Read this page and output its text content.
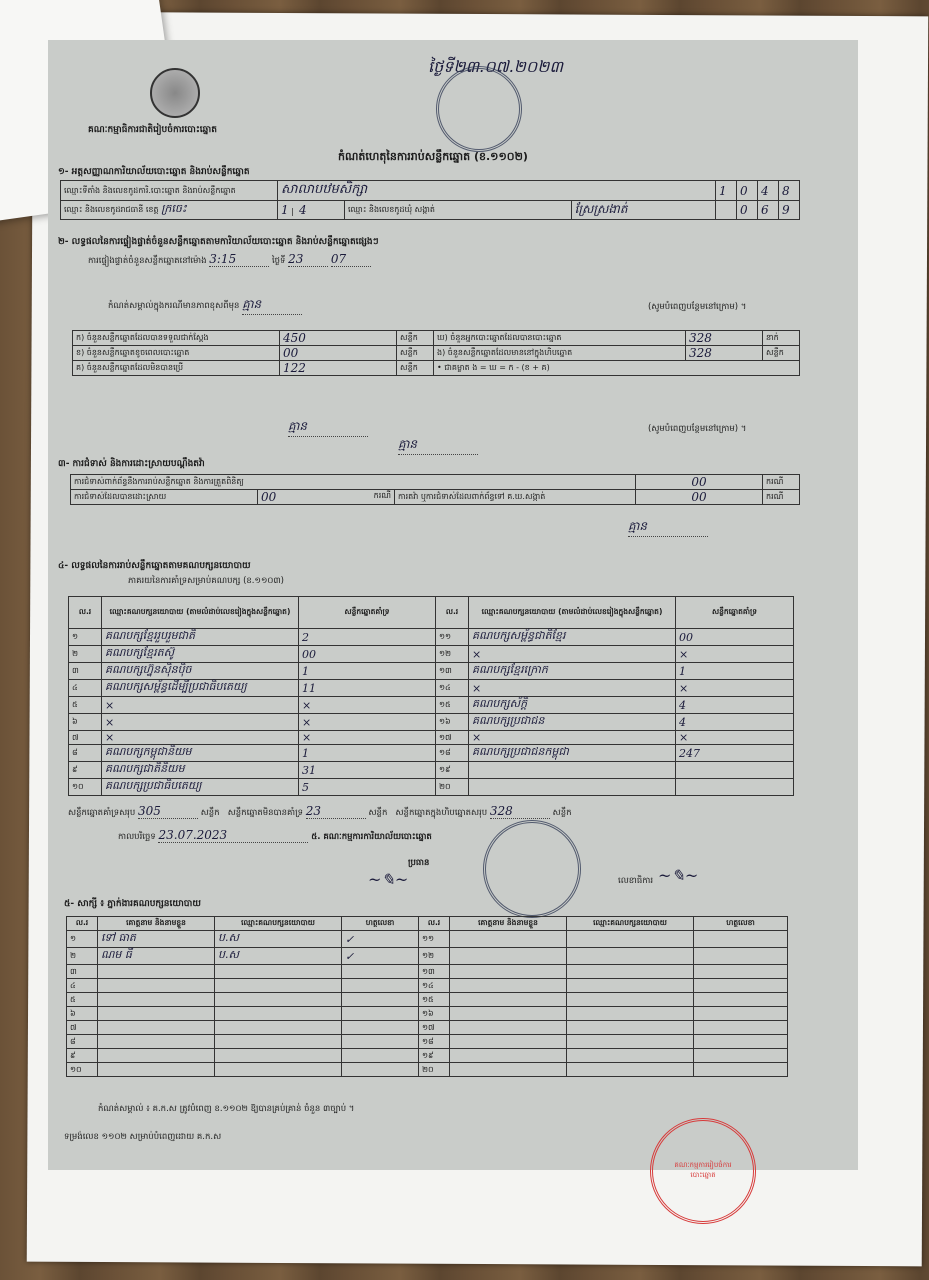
គណៈកម្មាធិការជាតិរៀបចំការបោះឆ្នោត
ថ្ងៃទី២៣.០៧.២០២៣
កំណត់ហេតុនៃការរាប់សន្លឹកឆ្នោត (ខ.១១០២)
១- អត្តសញ្ញាណការិយាល័យបោះឆ្នោត និងរាប់សន្លឹកឆ្នោត
ឈ្មោះទីតាំង និងលេខកូដការិ.បោះឆ្នោត និងរាប់សន្លឹកឆ្នោត	សាលាបឋមសិក្សា			1	0	4	8
ឈ្មោះ និងលេខកូដរាជធានី ខេត្ត ក្រចេះ	1 |  4	ឈ្មោះ និងលេខកូដឃុំ សង្កាត់	ស្រែស្រងាត់		0	6	9
២- លទ្ធផលនៃការផ្ទៀងផ្ទាត់ចំនួនសន្លឹកឆ្នោតតាមការិយាល័យបោះឆ្នោត និងរាប់សន្លឹកឆ្នោតផ្សេងៗ
ការផ្ទៀងផ្ទាត់ចំនួនសន្លឹកឆ្នោតនៅម៉ោង 3:15	ថ្ងៃទី 23 07
កំណត់សម្គាល់ក្នុងករណីមានភាពខុសពីមុន គ្មាន	(សូមបំពេញបន្ថែមនៅក្រោម) ។
ក) ចំនួនសន្លឹកឆ្នោតដែលបានទទួលជាក់ស្តែង	450	សន្លឹក	ឃ) ចំនួនអ្នកបោះឆ្នោតដែលបានបោះឆ្នោត	328	នាក់
ខ) ចំនួនសន្លឹកឆ្នោតខូចពេលបោះឆ្នោត	00	សន្លឹក	ង) ចំនួនសន្លឹកឆ្នោតដែលមាននៅក្នុងហិបឆ្នោត	328	សន្លឹក
គ) ចំនួនសន្លឹកឆ្នោតដែលមិនបានប្រើ	122	សន្លឹក	• ជាគម្លាត ង = ឃ = ក - (ខ + គ)		
គ្មាន	(សូមបំពេញបន្ថែមនៅក្រោម) ។
គ្មាន
៣- ការជំទាស់ និងការដោះស្រាយបណ្តឹងតវ៉ា
ការជំទាស់ពាក់ព័ន្ធនឹងការរាប់សន្លឹកឆ្នោត និងការត្រួតពិនិត្យ			00	ករណី
ការជំទាស់ដែលបានដោះស្រាយ	00 ករណី	ការតវ៉ា ឬការជំទាស់ដែលពាក់ព័ន្ធទៅ គ.ឃ.សង្កាត់	00	ករណី
គ្មាន
៤- លទ្ធផលនៃការរាប់សន្លឹកឆ្នោតតាមគណបក្សនយោបាយ
ភាគរយនៃការគាំទ្រសម្រាប់គណបក្ស (ខ.១១០៣)
ល.រ	ឈ្មោះគណបក្សនយោបាយ (តាមលំដាប់លេខរៀងក្នុងសន្លឹកឆ្នោត)	សន្លឹកឆ្នោតគាំទ្រ	ល.រ	ឈ្មោះគណបក្សនយោបាយ (តាមលំដាប់លេខរៀងក្នុងសន្លឹកឆ្នោត)	សន្លឹកឆ្នោតគាំទ្រ
១	គណបក្សខ្មែររួបរួមជាតិ	2	១១	គណបក្សសម្ព័ន្ធជាតិខ្មែរ	00
២	គណបក្សខ្មែរតស៊ូ	00	១២	×	×
៣	គណបក្សហ្វ៊ុនស៊ិនប៉ិច	1	១៣	គណបក្សខ្មែរក្រោក	1
៤	គណបក្សសម្ព័ន្ធដើម្បីប្រជាធិបតេយ្យ	11	១៤	×	×
៥	×	×	១៥	គណបក្សស័ក្តិ	4
៦	×	×	១៦	គណបក្សប្រជាជន	4
៧	×	×	១៧	×	×
៨	គណបក្សកម្ពុជានិយម	1	១៨	គណបក្សប្រជាជនកម្ពុជា	247
៩	គណបក្សជាតិនិយម	31	១៩		
១០	គណបក្សប្រជាធិបតេយ្យ	5	២០		
សន្លឹកឆ្នោតគាំទ្រសរុប 305	សន្លឹក សន្លឹកឆ្នោតមិនបានគាំទ្រ 23	សន្លឹក សន្លឹកឆ្នោតក្នុងហិបឆ្នោតសរុប 328	សន្លឹក
កាលបរិច្ឆេទ 23.07.2023	៥. គណៈកម្មការការិយាល័យបោះឆ្នោត
ប្រធាន
~✎~	លេខាធិការ ~✎~
៥- សាក្សី ៖ ភ្នាក់ងារគណបក្សនយោបាយ
ល.រ	គោត្តនាម និងនាមខ្លួន	ឈ្មោះគណបក្សនយោបាយ	ហត្ថលេខា	ល.រ	គោត្តនាម និងនាមខ្លួន	ឈ្មោះគណបក្សនយោបាយ	ហត្ថលេខា
១	ទៅ ធាត	ប.ស	✓	១១			
២	ណម ធី	ប.ស	✓	១២			
៣				១៣			
៤				១៤			
៥				១៥			
៦				១៦			
៧				១៧			
៨				១៨			
៩				១៩			
១០				២០			
កំណត់សម្គាល់ ៖ គ.ក.ស ត្រូវបំពេញ ខ.១១០២ ឱ្យបានគ្រប់គ្រាន់ ចំនួន ៣ច្បាប់ ។
ទម្រង់លេខ ១១០២ សម្រាប់បំពេញដោយ គ.ក.ស
គណៈកម្មការរៀបចំការបោះឆ្នោត
